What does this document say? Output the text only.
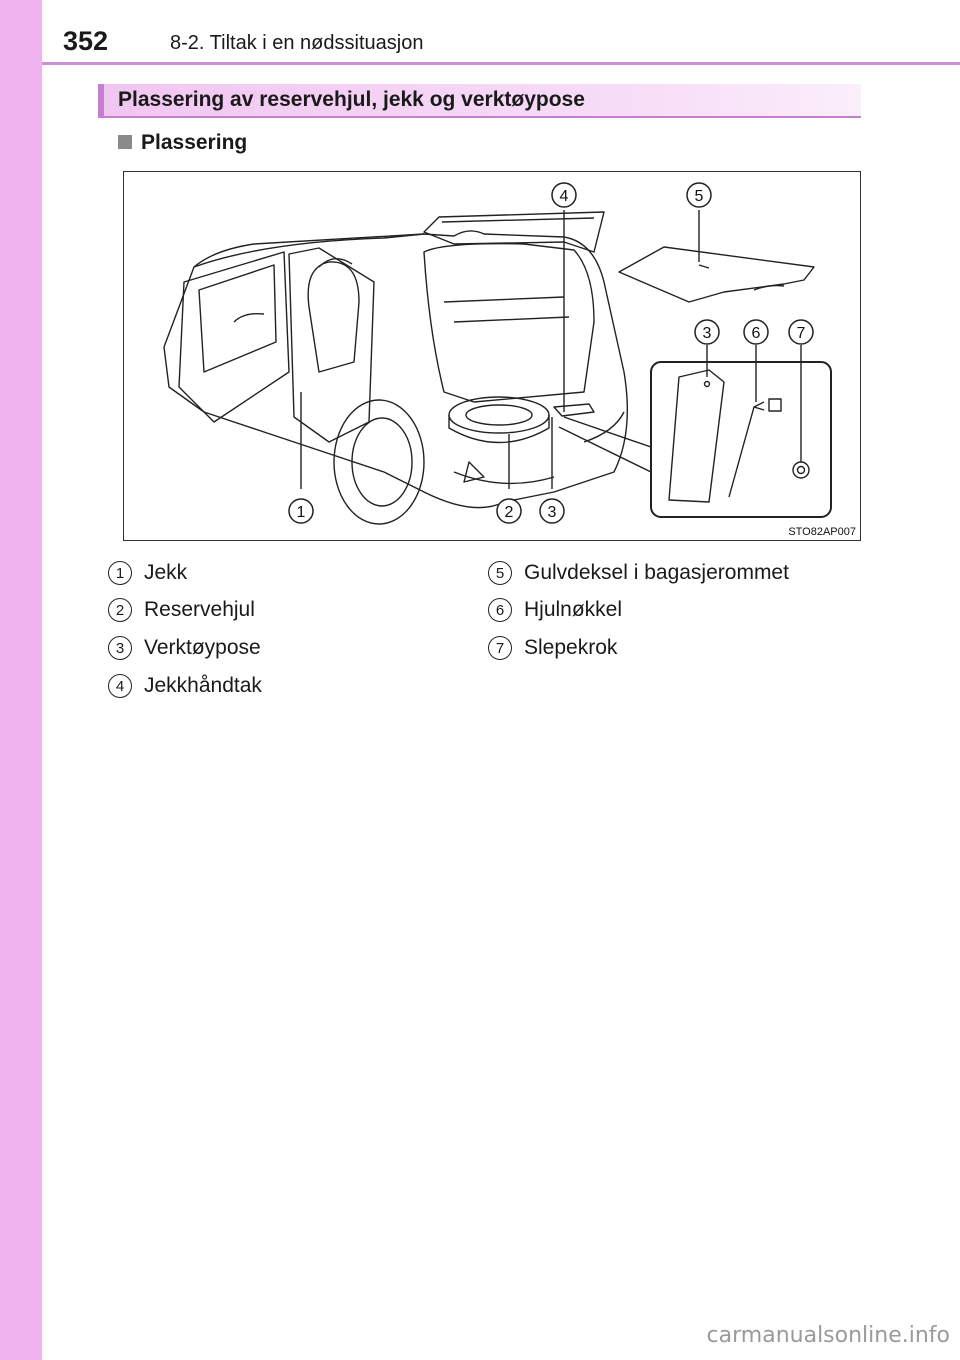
352	8-2. Tiltak i en nødssituasjon
Plassering av reservehjul, jekk og verktøypose
Plassering
1	2 3
4	5
3	6 7
STO82AP007
1 Jekk
2 Reservehjul
3 Verktøypose
4 Jekkhåndtak
5 Gulvdeksel i bagasjerommet
6 Hjulnøkkel
7 Slepekrok
carmanualsonline.info
